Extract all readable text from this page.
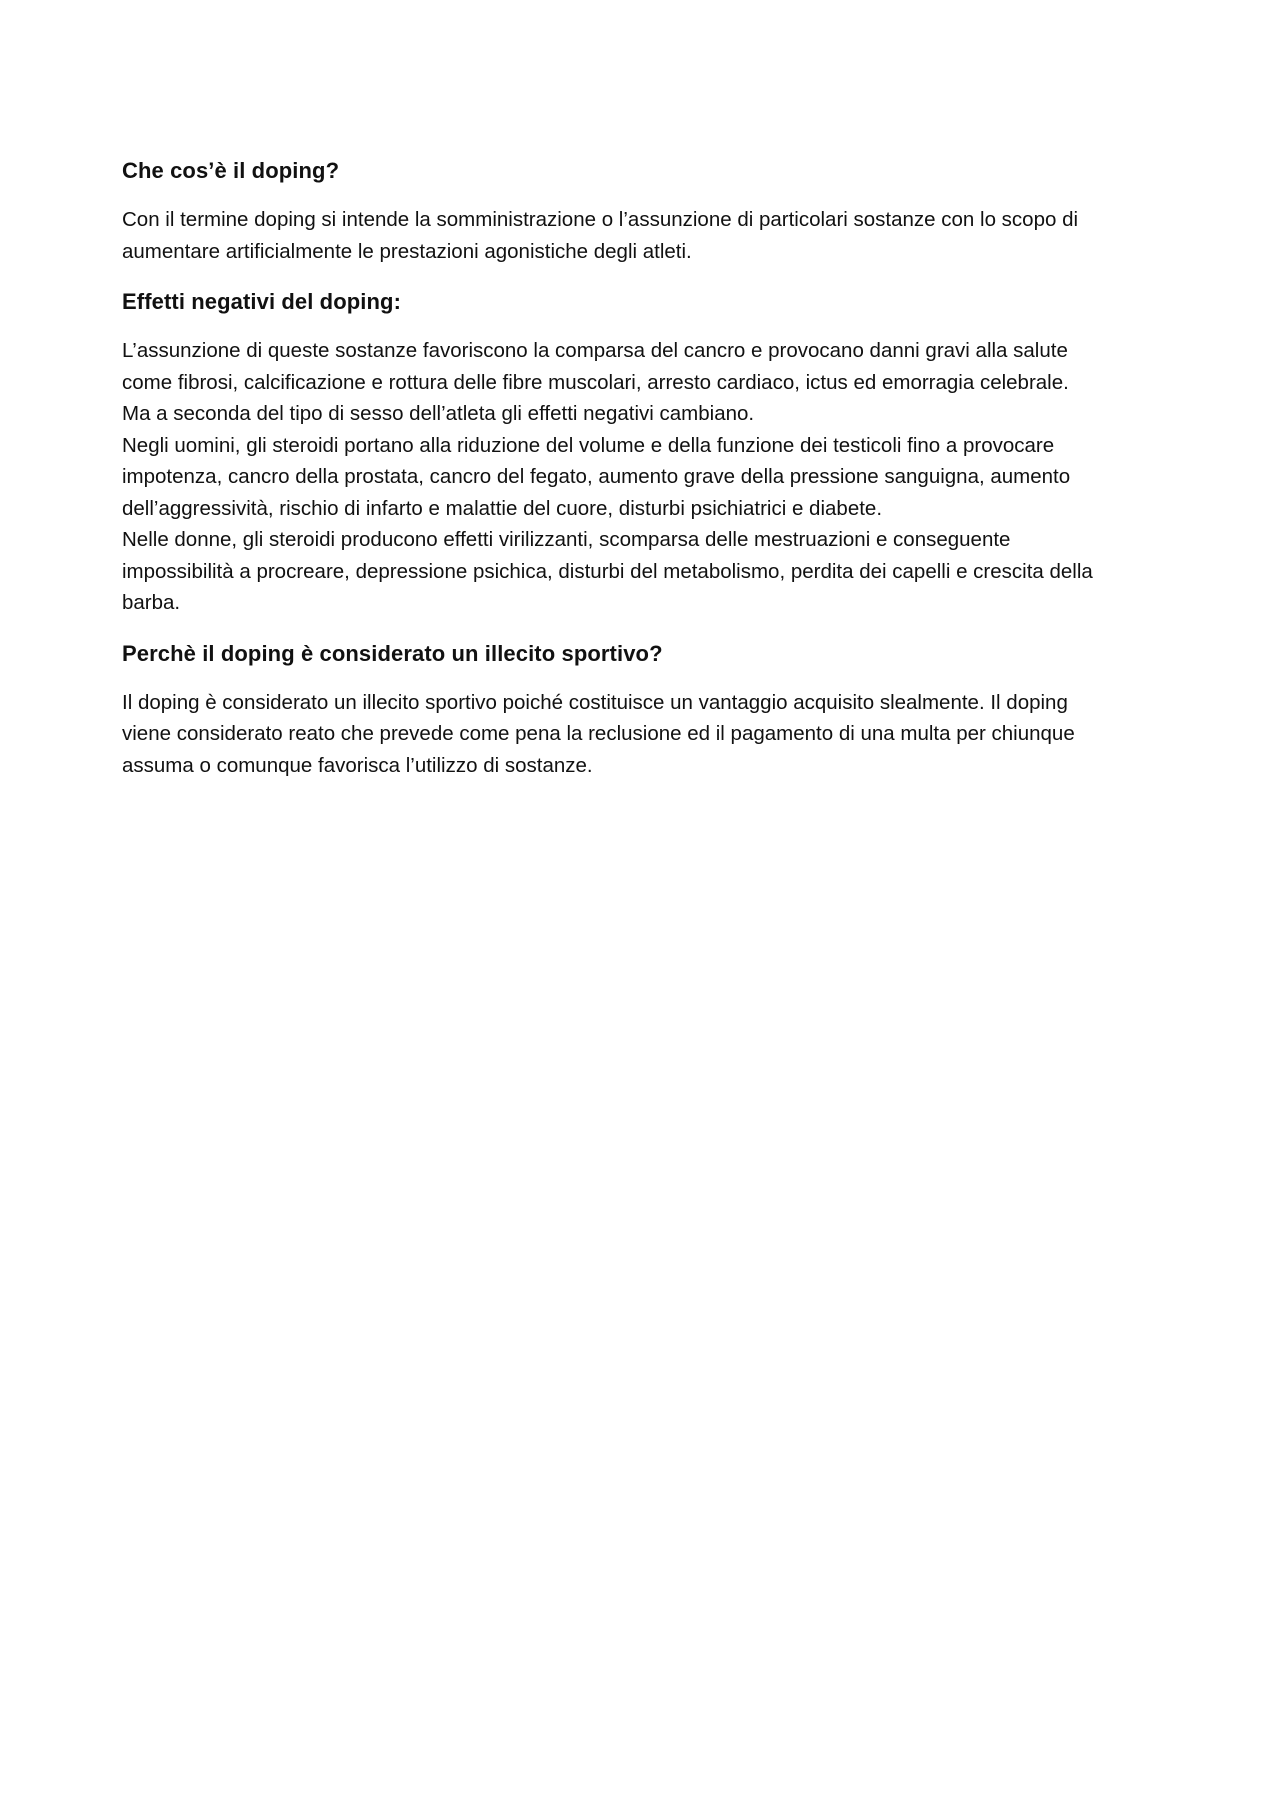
Che cos’è il doping?
Con il termine doping si intende la somministrazione o l’assunzione di particolari sostanze con lo scopo di
aumentare artificialmente le prestazioni agonistiche degli atleti.
Effetti negativi del doping:
L’assunzione di queste sostanze favoriscono la comparsa del cancro e provocano danni gravi alla salute
come fibrosi, calcificazione e rottura delle fibre muscolari, arresto cardiaco, ictus ed emorragia celebrale.
Ma a seconda del tipo di sesso dell’atleta gli effetti negativi cambiano.
Negli uomini, gli steroidi portano alla riduzione del volume e della funzione dei testicoli fino a provocare
impotenza, cancro della prostata, cancro del fegato, aumento grave della pressione sanguigna, aumento
dell’aggressività, rischio di infarto e malattie del cuore, disturbi psichiatrici e diabete.
Nelle donne, gli steroidi producono effetti virilizzanti, scomparsa delle mestruazioni e conseguente
impossibilità a procreare, depressione psichica, disturbi del metabolismo, perdita dei capelli e crescita della
barba.
Perchè il doping è considerato un illecito sportivo?
Il doping è considerato un illecito sportivo poiché costituisce un vantaggio acquisito slealmente. Il doping
viene considerato reato che prevede come pena la reclusione ed il pagamento di una multa per chiunque
assuma o comunque favorisca l’utilizzo di sostanze.
